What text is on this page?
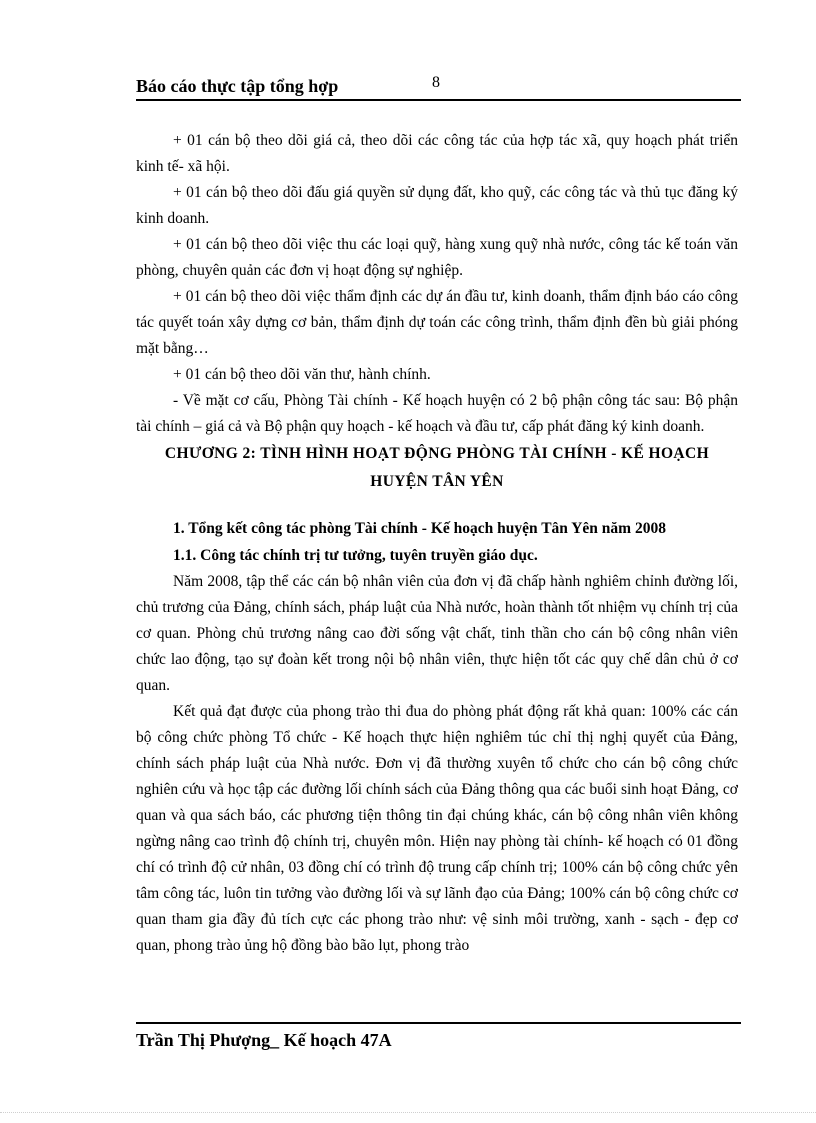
Báo cáo thực tập tổng hợp	8

+ 01 cán bộ theo dõi giá cả, theo dõi các công tác của hợp tác xã, quy hoạch phát triển kinh tế- xã hội.

+ 01 cán bộ theo dõi đấu giá quyền sử dụng đất, kho quỹ, các công tác và thủ tục đăng ký kinh doanh.

+ 01 cán bộ theo dõi việc thu các loại quỹ, hàng xung quỹ nhà nước, công tác kế toán văn phòng, chuyên quản các đơn vị hoạt động sự nghiệp.

+ 01 cán bộ theo dõi việc thẩm định các dự án đầu tư, kinh doanh, thẩm định báo cáo công tác quyết toán xây dựng cơ bản, thẩm định dự toán các công trình, thẩm định đền bù giải phóng mặt bằng…

+ 01 cán bộ theo dõi văn thư, hành chính.

- Về mặt cơ cấu, Phòng Tài chính - Kế hoạch huyện có 2 bộ phận công tác sau: Bộ phận tài chính – giá cả và Bộ phận quy hoạch - kế hoạch và đầu tư, cấp phát đăng ký kinh doanh.

CHƯƠNG 2: TÌNH HÌNH HOẠT ĐỘNG PHÒNG TÀI CHÍNH - KẾ HOẠCH

HUYỆN TÂN YÊN

1. Tổng kết công tác phòng Tài chính - Kế hoạch huyện Tân Yên năm 2008

1.1. Công tác chính trị tư tưởng, tuyên truyền giáo dục.

Năm 2008, tập thể các cán bộ nhân viên của đơn vị đã chấp hành nghiêm chỉnh đường lối, chủ trương của Đảng, chính sách, pháp luật của Nhà nước, hoàn thành tốt nhiệm vụ chính trị của cơ quan. Phòng chủ trương nâng cao đời sống vật chất, tinh thần cho cán bộ công nhân viên chức lao động, tạo sự đoàn kết trong nội bộ nhân viên, thực hiện tốt các quy chế dân chủ ở cơ quan.

Kết quả đạt được của phong trào thi đua do phòng phát động rất khả quan: 100% các cán bộ công chức phòng Tổ chức - Kế hoạch thực hiện nghiêm túc chỉ thị nghị quyết của Đảng, chính sách pháp luật của Nhà nước. Đơn vị đã thường xuyên tổ chức cho cán bộ công chức nghiên cứu và học tập các đường lối chính sách của Đảng thông qua các buổi sinh hoạt Đảng, cơ quan và qua sách báo, các phương tiện thông tin đại chúng khác, cán bộ công nhân viên không ngừng nâng cao trình độ chính trị, chuyên môn. Hiện nay phòng tài chính- kế hoạch có 01 đồng chí có trình độ cử nhân, 03 đồng chí có trình độ trung cấp chính trị; 100% cán bộ công chức yên tâm công tác, luôn tin tưởng vào đường lối và sự lãnh đạo của Đảng; 100% cán bộ công chức cơ quan tham gia đầy đủ tích cực các phong trào như: vệ sinh môi trường, xanh - sạch - đẹp cơ quan, phong trào ủng hộ đồng bào bão lụt, phong trào

Trần Thị Phượng_ Kế hoạch 47A
